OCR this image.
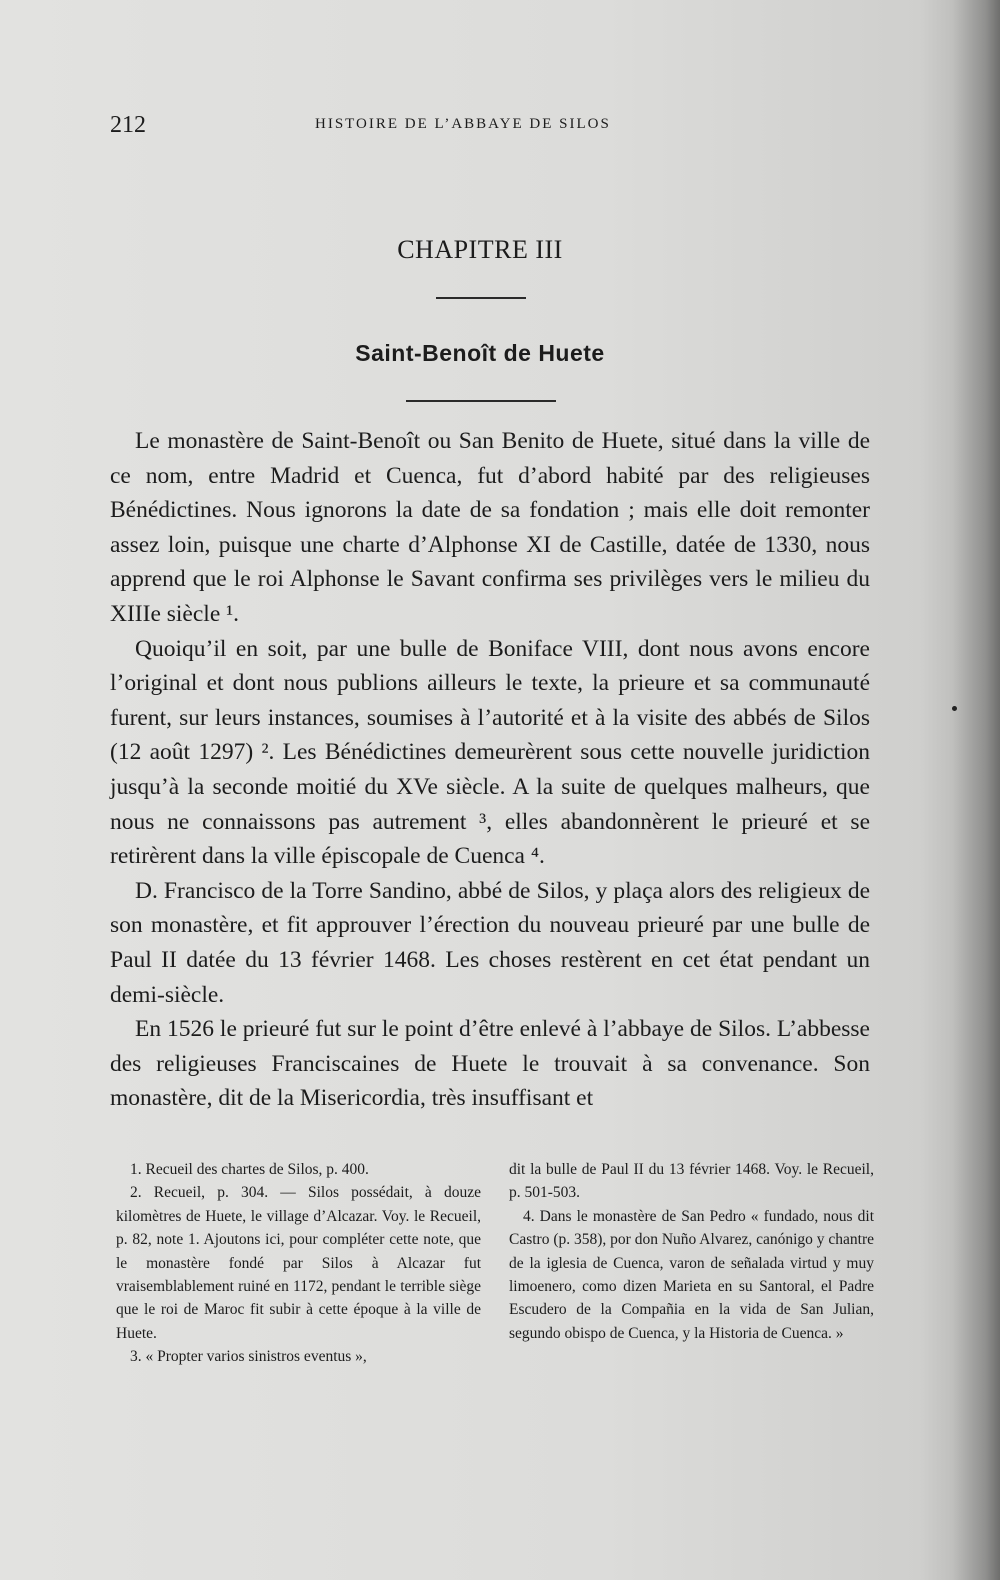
212	HISTOIRE DE L’ABBAYE DE SILOS
CHAPITRE III
Saint-Benoît de Huete

Le monastère de Saint-Benoît ou San Benito de Huete, situé dans la ville de ce nom, entre Madrid et Cuenca, fut d’abord habité par des religieuses Bénédictines. Nous ignorons la date de sa fondation ; mais elle doit remonter assez loin, puisque une charte d’Alphonse XI de Castille, datée de 1330, nous apprend que le roi Alphonse le Savant confirma ses privilèges vers le milieu du XIIIe siècle ¹.

Quoiqu’il en soit, par une bulle de Boniface VIII, dont nous avons encore l’original et dont nous publions ailleurs le texte, la prieure et sa communauté furent, sur leurs instances, soumises à l’autorité et à la visite des abbés de Silos (12 août 1297) ². Les Bénédictines demeurèrent sous cette nouvelle juridiction jusqu’à la seconde moitié du XVe siècle. A la suite de quelques malheurs, que nous ne connaissons pas autrement ³, elles abandonnèrent le prieuré et se retirèrent dans la ville épiscopale de Cuenca ⁴.

D. Francisco de la Torre Sandino, abbé de Silos, y plaça alors des religieux de son monastère, et fit approuver l’érection du nouveau prieuré par une bulle de Paul II datée du 13 février 1468. Les choses restèrent en cet état pendant un demi-siècle.

En 1526 le prieuré fut sur le point d’être enlevé à l’abbaye de Silos. L’abbesse des religieuses Franciscaines de Huete le trouvait à sa convenance. Son monastère, dit de la Misericordia, très insuffisant et

1. Recueil des chartes de Silos, p. 400.

2. Recueil, p. 304. — Silos possédait, à douze kilomètres de Huete, le village d’Alcazar. Voy. le Recueil, p. 82, note 1. Ajoutons ici, pour compléter cette note, que le monastère fondé par Silos à Alcazar fut vraisemblablement ruiné en 1172, pendant le terrible siège que le roi de Maroc fit subir à cette époque à la ville de Huete.

3. « Propter varios sinistros eventus »,

dit la bulle de Paul II du 13 février 1468. Voy. le Recueil, p. 501-503.

4. Dans le monastère de San Pedro « fundado, nous dit Castro (p. 358), por don Nuño Alvarez, canónigo y chantre de la iglesia de Cuenca, varon de señalada virtud y muy limoenero, como dizen Marieta en su Santoral, el Padre Escudero de la Compañia en la vida de San Julian, segundo obispo de Cuenca, y la Historia de Cuenca. »
